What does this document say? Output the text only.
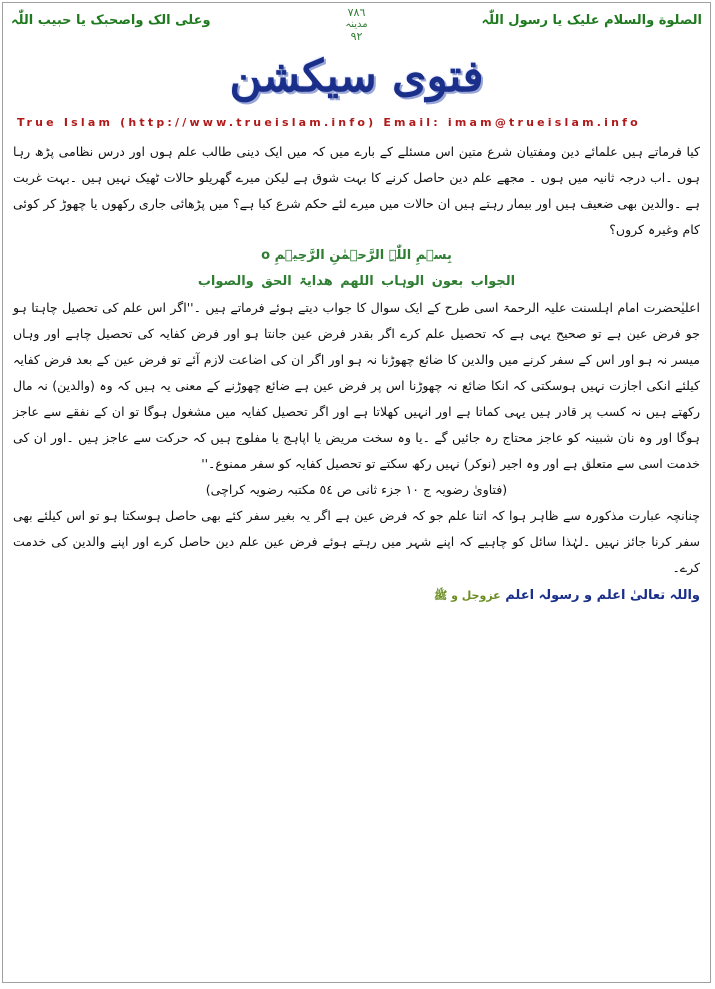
الصلوة والسلام علیک یا رسول اللّٰہ
٧٨٦
مدینہ
٩٢
وعلی الک واصحبک یا حبیب اللّٰہ
فتوی سیکشن
True Islam (http://www.trueislam.info) Email: imam@trueislam.info

کیا فرماتے ہیں علمائے دین ومفتیان شرع متین اس مسئلے کے بارے میں کہ میں ایک دینی طالب علم ہوں اور درس نظامی پڑھ رہا ہوں ۔اب درجہ ثانیہ میں ہوں ۔ مجھے علم دین حاصل کرنے کا بہت شوق ہے لیکن میرے گھریلو حالات ٹھیک نہیں ہیں ۔بہت غربت ہے ۔والدین بھی ضعیف ہیں اور بیمار رہتے ہیں ان حالات میں میرے لئے حکم شرع کیا ہے؟ میں پڑھائی جاری رکھوں یا چھوڑ کر کوئی کام وغیرہ کروں؟

بِسۡمِ اللّٰہِ الرَّحۡمٰنِ الرَّحِیۡمِ o

الجواب بعون الوہاب اللھم ھدایۃ الحق والصواب

اعلیٰحضرت امام اہلسنت علیہ الرحمۃ اسی طرح کے ایک سوال کا جواب دیتے ہوئے فرماتے ہیں ۔''اگر اس علم کی تحصیل چاہتا ہو جو فرض عین ہے تو صحیح یہی ہے کہ تحصیل علم کرے اگر بقدر فرض عین جانتا ہو اور فرض کفایہ کی تحصیل چاہے اور وہاں میسر نہ ہو اور اس کے سفر کرنے میں والدین کا ضائع چھوڑنا نہ ہو اور اگر ان کی اضاعت لازم آئے تو فرض عین کے بعد فرض کفایہ کیلئے انکی اجازت نہیں ہوسکتی کہ انکا ضائع نہ چھوڑنا اس پر فرض عین ہے ضائع چھوڑنے کے معنی یہ ہیں کہ وہ (والدین) نہ مال رکھتے ہیں نہ کسب پر قادر ہیں یہی کماتا ہے اور انہیں کھلاتا ہے اور اگر تحصیل کفایہ میں مشغول ہوگا تو ان کے نفقے سے عاجز ہوگا اور وہ نان شبینہ کو عاجز محتاج رہ جائیں گے ۔یا وہ سخت مریض یا اپاہج یا مفلوج ہیں کہ حرکت سے عاجز ہیں ۔اور ان کی خدمت اسی سے متعلق ہے اور وہ اجیر (نوکر) نہیں رکھ سکتے تو تحصیل کفایہ کو سفر ممنوع۔''

(فتاویٰ رضویہ ج ١٠ جزء ثانی ص ٥٤ مکتبہ رضویہ کراچی)

چنانچہ عبارت مذکورہ سے ظاہر ہوا کہ اتنا علم جو کہ فرض عین ہے اگر یہ بغیر سفر کئے بھی حاصل ہوسکتا ہو تو اس کیلئے بھی سفر کرنا جائز نہیں ۔لہٰذا سائل کو چاہیے کہ اپنے شہر میں رہتے ہوئے فرض عین علم دین حاصل کرے اور اپنے والدین کی خدمت کرے۔

واللہ تعالیٰ اعلم و رسولہ اعلم عزوجل و ﷺ
